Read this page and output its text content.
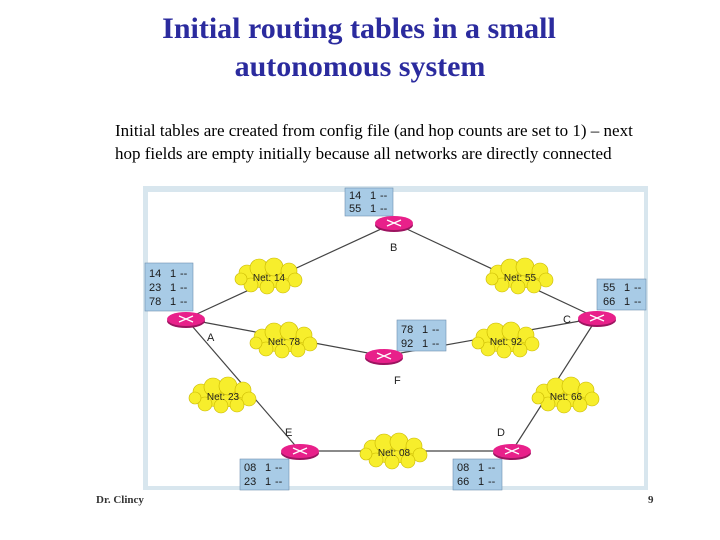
Initial routing tables in a small
autonomous system
Initial tables are created from config file (and hop counts are set to 1) – next
hop fields are empty initially because all networks are directly connected
Net: 14	Net: 55
Net: 78	Net: 92
Net: 23	Net: 66
Net: 08
14 1 --
55 1 --
14 1 --
23 1 --
78 1 --
55 1 --
66 1 --
78 1 --
92 1 --
08 1 --
23 1 --
08 1 --
66 1 --
B
A
C
F
E	D
Dr. Clincy	9
